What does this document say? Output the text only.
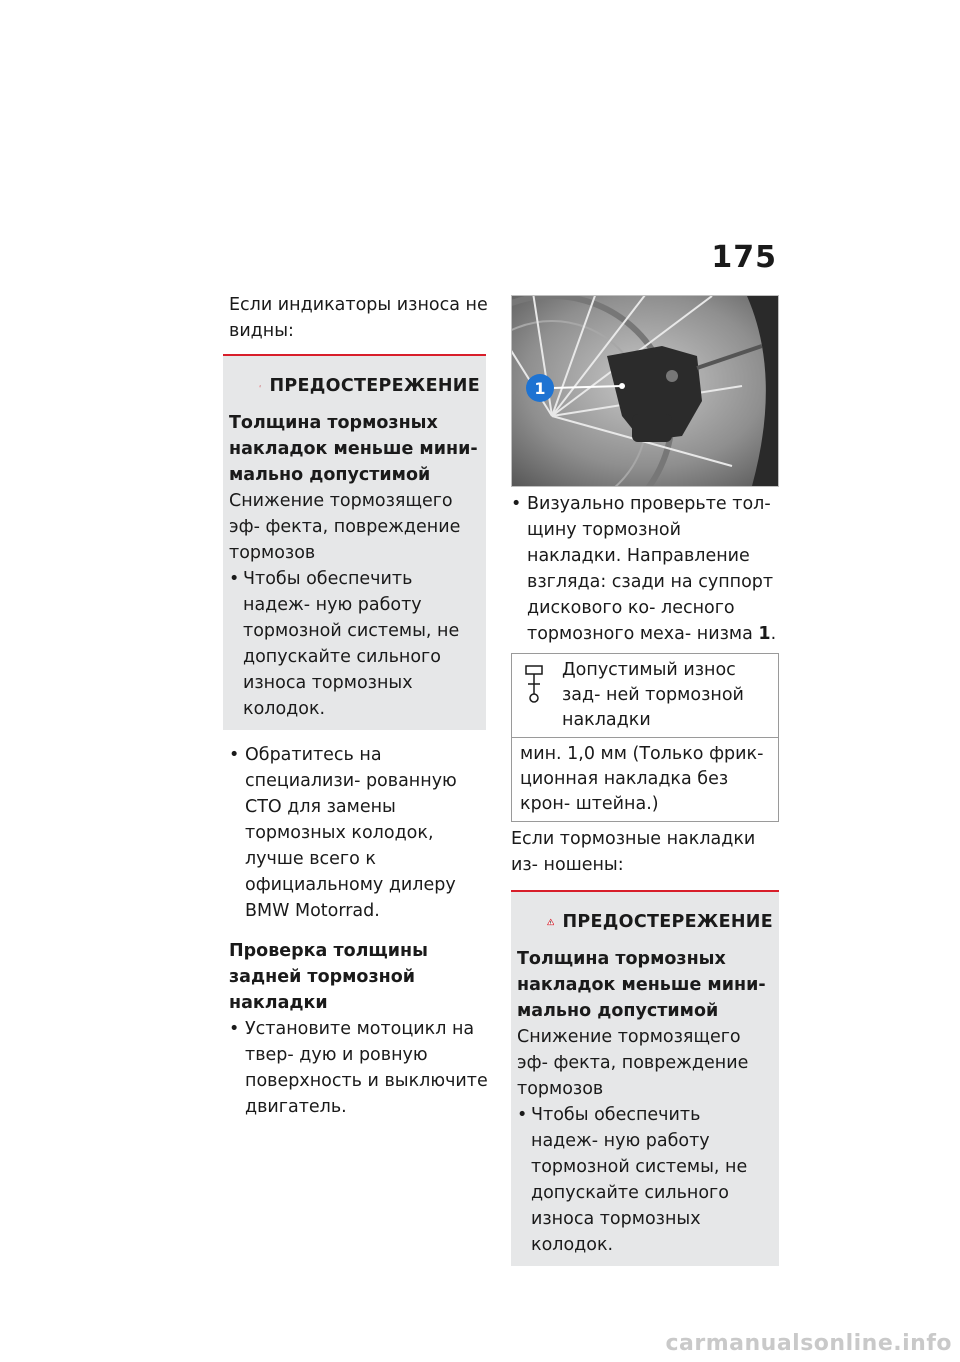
175

Если индикаторы износа не видны:

ПРЕДОСТЕРЕЖЕНИЕ
Толщина тормозных накладок меньше мини- мально допустимой
Снижение тормозящего эф- фекта, повреждение тормозов
• Чтобы обеспечить надеж- ную работу тормозной системы, не допускайте сильного износа тормозных колодок.
• Обратитесь на специализи- рованную СТО для замены тормозных колодок, лучше всего к официальному дилеру BMW Motorrad.
Проверка толщины задней тормозной накладки
• Установите мотоцикл на твер- дую и ровную поверхность и выключите двигатель.
1
• Визуально проверьте тол- щину тормозной накладки. Направление взгляда: сзади на суппорт дискового ко- лесного тормозного меха- низма 1.
Допустимый износ зад- ней тормозной накладки
мин. 1,0 мм (Только фрик- ционная накладка без крон- штейна.)

Если тормозные накладки из- ношены:

ПРЕДОСТЕРЕЖЕНИЕ
Толщина тормозных накладок меньше мини- мально допустимой
Снижение тормозящего эф- фекта, повреждение тормозов
• Чтобы обеспечить надеж- ную работу тормозной системы, не допускайте сильного износа тормозных колодок.
carmanualsonline.info
